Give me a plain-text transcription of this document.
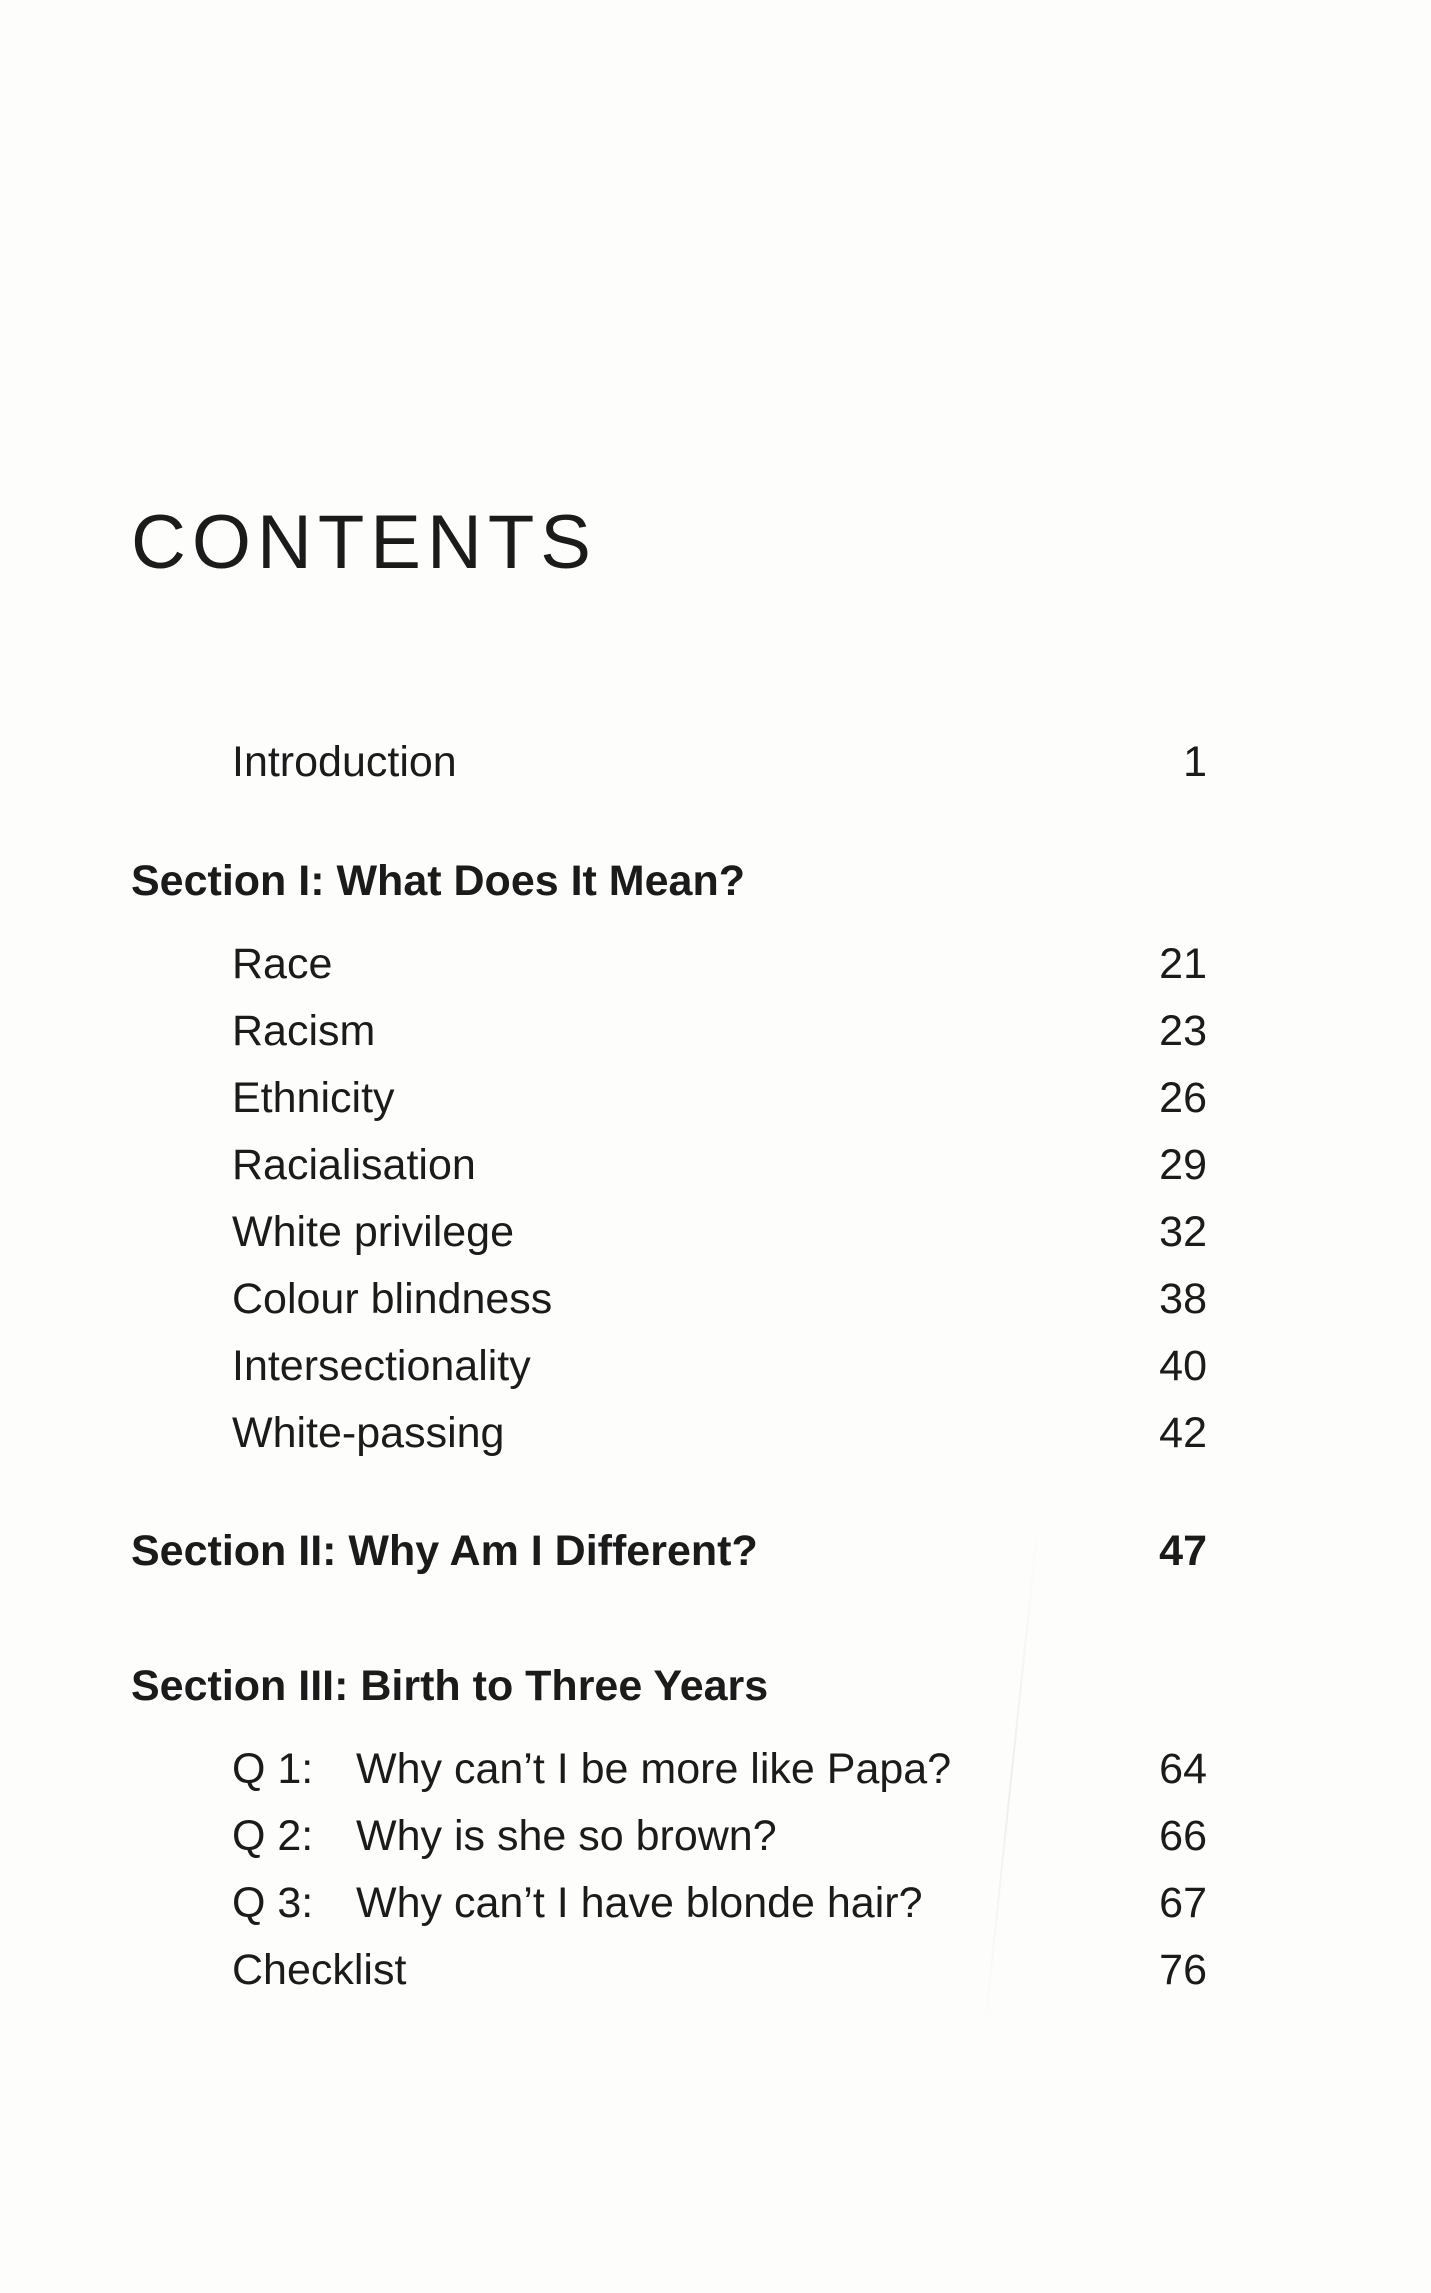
CONTENTS
Introduction	1
Section I: What Does It Mean?
Race	21
Racism	23
Ethnicity	26
Racialisation	29
White privilege	32
Colour blindness	38
Intersectionality	40
White-passing	42
Section II: Why Am I Different?	47
Section III: Birth to Three Years
Q 1: Why can’t I be more like Papa?	64
Q 2: Why is she so brown?	66
Q 3: Why can’t I have blonde hair?	67
Checklist	76
